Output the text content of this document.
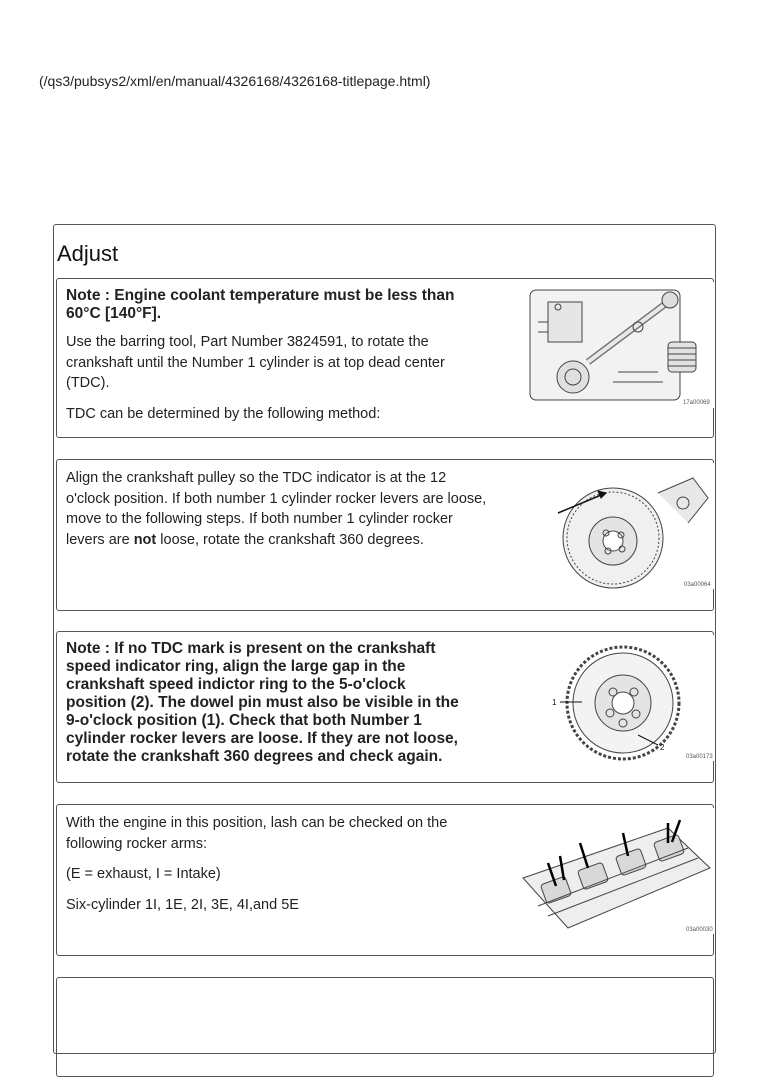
(/qs3/pubsys2/xml/en/manual/4326168/4326168-titlepage.html)
Adjust

Note : Engine coolant temperature must be less than 60°C [140°F].

Use the barring tool, Part Number 3824591, to rotate the crankshaft until the Number 1 cylinder is at top dead center (TDC).

TDC can be determined by the following method:

17a00069

Align the crankshaft pulley so the TDC indicator is at the 12 o'clock position. If both number 1 cylinder rocker levers are loose, move to the following steps. If both number 1 cylinder rocker levers are not loose, rotate the crankshaft 360 degrees.

03a00064

Note : If no TDC mark is present on the crankshaft speed indicator ring, align the large gap in the crankshaft speed indictor ring to the 5-o'clock position (2). The dowel pin must also be visible in the 9-o'clock position (1). Check that both Number 1 cylinder rocker levers are loose. If they are not loose, rotate the crankshaft 360 degrees and check again.

1
2
03a00173

With the engine in this position, lash can be checked on the following rocker arms:

(E = exhaust, I = Intake)

Six-cylinder 1I, 1E, 2I, 3E, 4I,and 5E

03a00030
